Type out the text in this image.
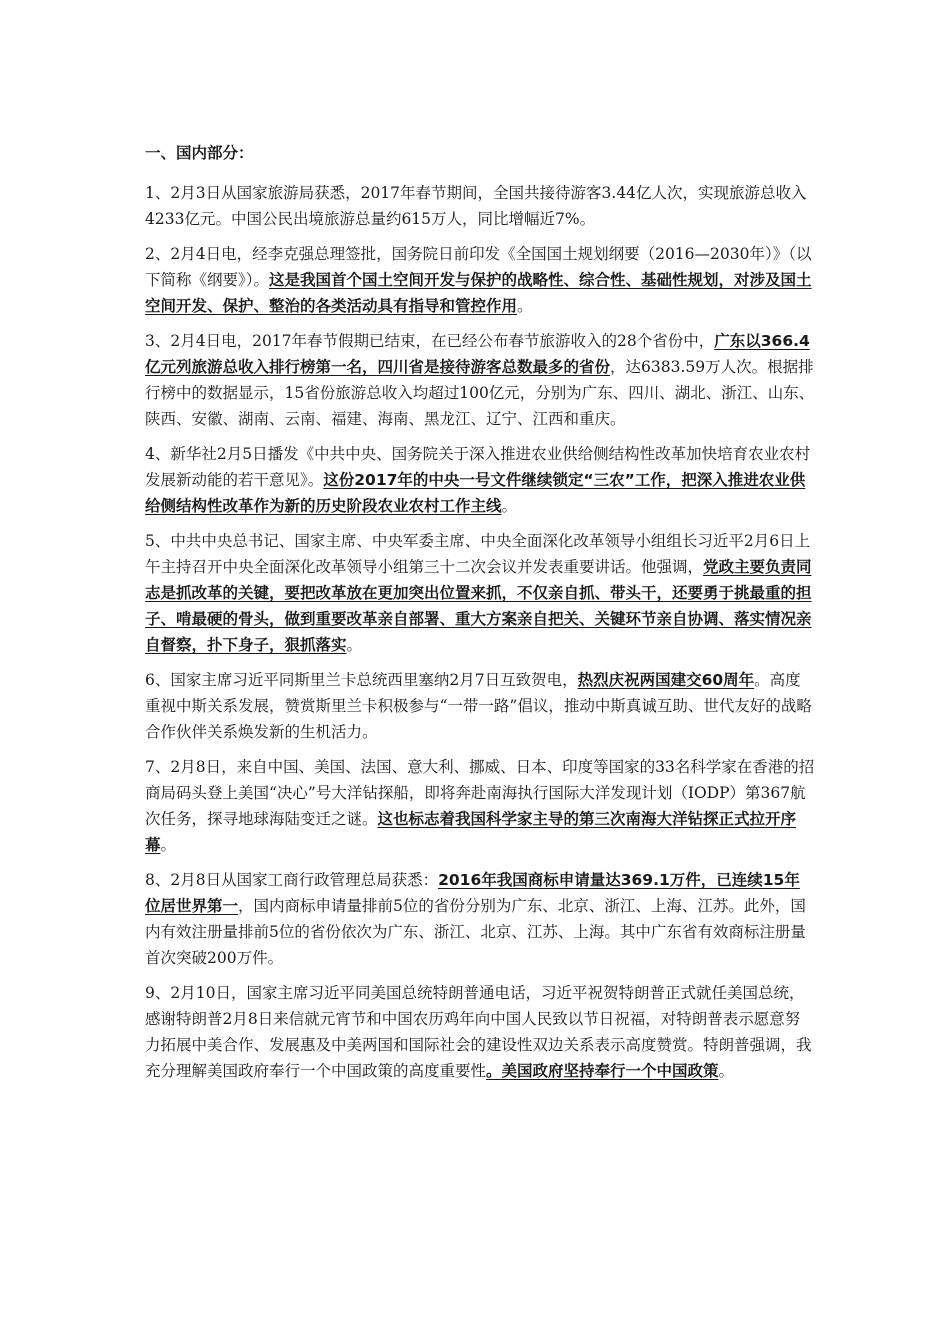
一、国内部分：

1、2月3日从国家旅游局获悉，2017年春节期间，全国共接待游客3.44亿人次，实现旅游总收入4233亿元。中国公民出境旅游总量约615万人，同比增幅近7%。

2、2月4日电，经李克强总理签批，国务院日前印发《全国国土规划纲要（2016—2030年）》（以下简称《纲要》）。这是我国首个国土空间开发与保护的战略性、综合性、基础性规划，对涉及国土空间开发、保护、整治的各类活动具有指导和管控作用。

3、2月4日电，2017年春节假期已结束，在已经公布春节旅游收入的28个省份中，广东以366.4亿元列旅游总收入排行榜第一名，四川省是接待游客总数最多的省份，达6383.59万人次。根据排行榜中的数据显示，15省份旅游总收入均超过100亿元，分别为广东、四川、湖北、浙江、山东、陕西、安徽、湖南、云南、福建、海南、黑龙江、辽宁、江西和重庆。

4、新华社2月5日播发《中共中央、国务院关于深入推进农业供给侧结构性改革加快培育农业农村发展新动能的若干意见》。这份2017年的中央一号文件继续锁定“三农”工作，把深入推进农业供给侧结构性改革作为新的历史阶段农业农村工作主线。

5、中共中央总书记、国家主席、中央军委主席、中央全面深化改革领导小组组长习近平2月6日上午主持召开中央全面深化改革领导小组第三十二次会议并发表重要讲话。他强调，党政主要负责同志是抓改革的关键，要把改革放在更加突出位置来抓，不仅亲自抓、带头干，还要勇于挑最重的担子、啃最硬的骨头，做到重要改革亲自部署、重大方案亲自把关、关键环节亲自协调、落实情况亲自督察，扑下身子，狠抓落实。

6、国家主席习近平同斯里兰卡总统西里塞纳2月7日互致贺电，热烈庆祝两国建交60周年。高度重视中斯关系发展，赞赏斯里兰卡积极参与“一带一路”倡议，推动中斯真诚互助、世代友好的战略合作伙伴关系焕发新的生机活力。

7、2月8日，来自中国、美国、法国、意大利、挪威、日本、印度等国家的33名科学家在香港的招商局码头登上美国“决心”号大洋钻探船，即将奔赴南海执行国际大洋发现计划（IODP）第367航次任务，探寻地球海陆变迁之谜。这也标志着我国科学家主导的第三次南海大洋钻探正式拉开序幕。

8、2月8日从国家工商行政管理总局获悉：2016年我国商标申请量达369.1万件，已连续15年位居世界第一，国内商标申请量排前5位的省份分别为广东、北京、浙江、上海、江苏。此外，国内有效注册量排前5位的省份依次为广东、浙江、北京、江苏、上海。其中广东省有效商标注册量首次突破200万件。

9、2月10日，国家主席习近平同美国总统特朗普通电话，习近平祝贺特朗普正式就任美国总统，感谢特朗普2月8日来信就元宵节和中国农历鸡年向中国人民致以节日祝福，对特朗普表示愿意努力拓展中美合作、发展惠及中美两国和国际社会的建设性双边关系表示高度赞赏。特朗普强调，我充分理解美国政府奉行一个中国政策的高度重要性。美国政府坚持奉行一个中国政策。
